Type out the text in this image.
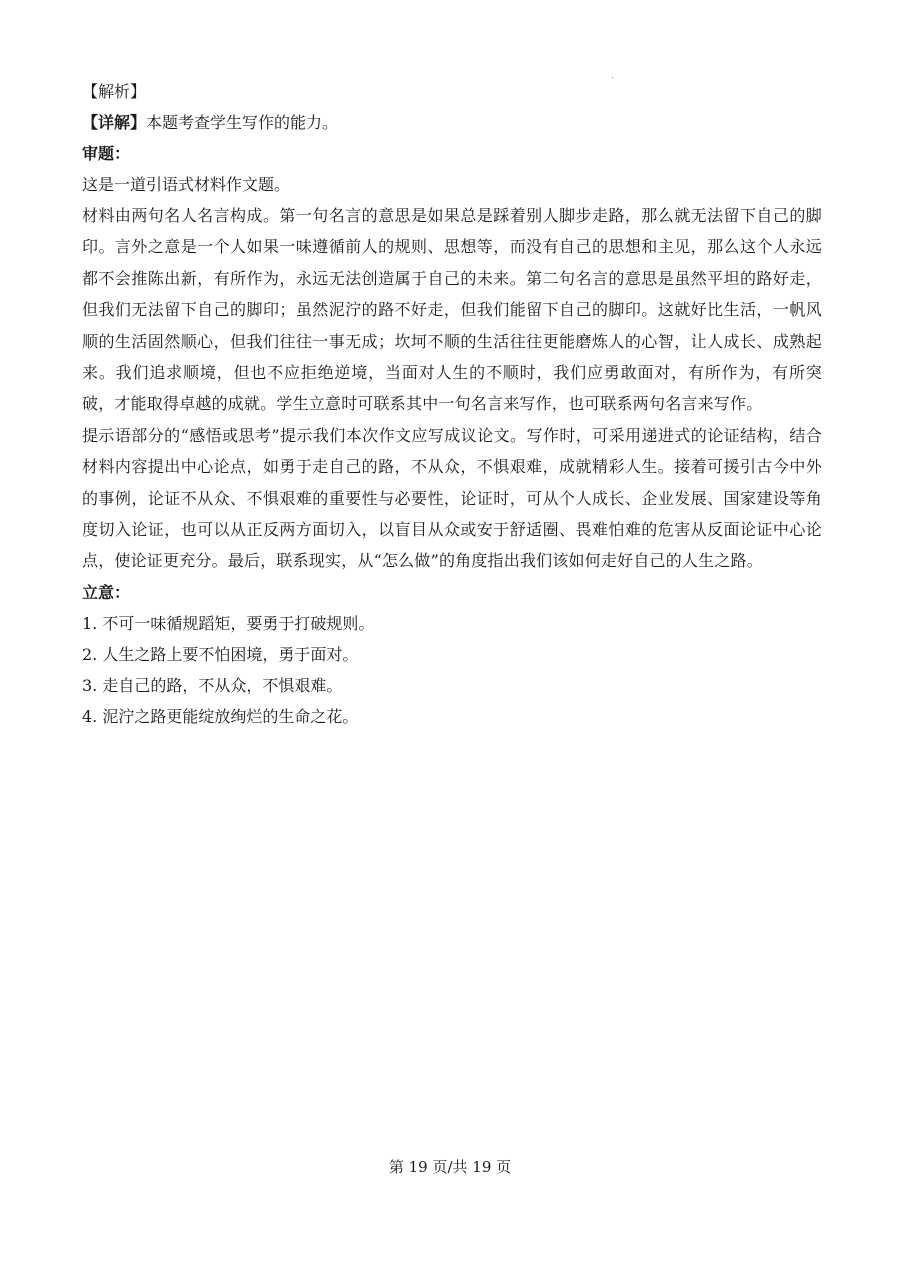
【解析】
【详解】本题考查学生写作的能力。
审题：
这是一道引语式材料作文题。
材料由两句名人名言构成。第一句名言的意思是如果总是踩着别人脚步走路，那么就无法留下自己的脚印。言外之意是一个人如果一味遵循前人的规则、思想等，而没有自己的思想和主见，那么这个人永远都不会推陈出新，有所作为，永远无法创造属于自己的未来。第二句名言的意思是虽然平坦的路好走，但我们无法留下自己的脚印；虽然泥泞的路不好走，但我们能留下自己的脚印。这就好比生活，一帆风顺的生活固然顺心，但我们往往一事无成；坎坷不顺的生活往往更能磨炼人的心智，让人成长、成熟起来。我们追求顺境，但也不应拒绝逆境，当面对人生的不顺时，我们应勇敢面对，有所作为，有所突破，才能取得卓越的成就。学生立意时可联系其中一句名言来写作，也可联系两句名言来写作。
提示语部分的“感悟或思考”提示我们本次作文应写成议论文。写作时，可采用递进式的论证结构，结合材料内容提出中心论点，如勇于走自己的路，不从众，不惧艰难，成就精彩人生。接着可援引古今中外的事例，论证不从众、不惧艰难的重要性与必要性，论证时，可从个人成长、企业发展、国家建设等角度切入论证，也可以从正反两方面切入，以盲目从众或安于舒适圈、畏难怕难的危害从反面论证中心论点，使论证更充分。最后，联系现实，从“怎么做”的角度指出我们该如何走好自己的人生之路。
立意：
1. 不可一味循规蹈矩，要勇于打破规则。
2. 人生之路上要不怕困境，勇于面对。
3. 走自己的路，不从众，不惧艰难。
4. 泥泞之路更能绽放绚烂的生命之花。
第 19 页/共 19 页
